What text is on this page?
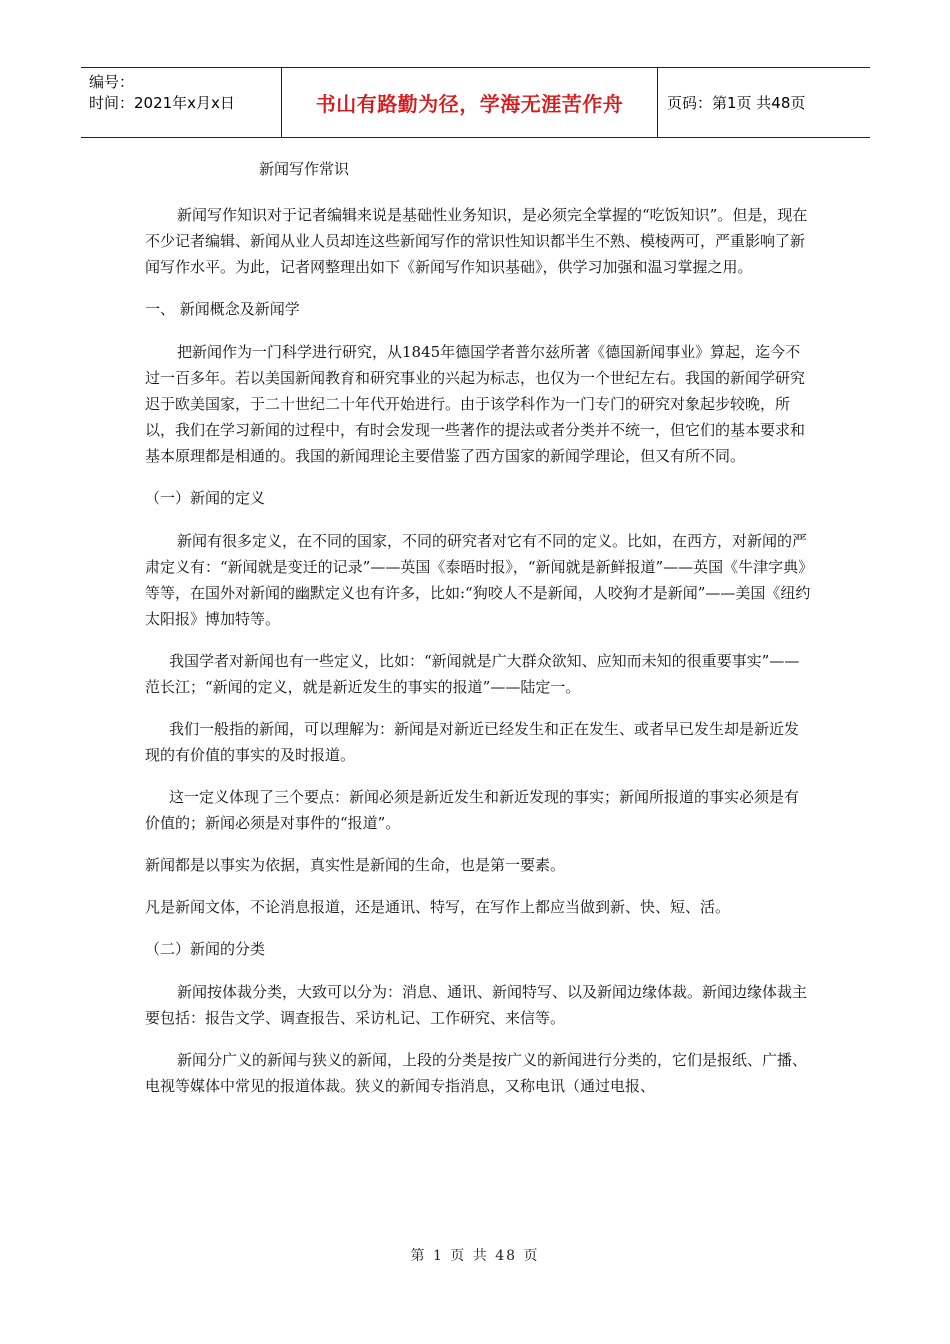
编号：
时间：2021年x月x日	书山有路勤为径，学海无涯苦作舟	页码：第1页 共48页

新闻写作常识

新闻写作知识对于记者编辑来说是基础性业务知识，是必须完全掌握的“吃饭知识”。但是，现在不少记者编辑、新闻从业人员却连这些新闻写作的常识性知识都半生不熟、模棱两可，严重影响了新闻写作水平。为此，记者网整理出如下《新闻写作知识基础》，供学习加强和温习掌握之用。

一、 新闻概念及新闻学

把新闻作为一门科学进行研究，从1845年德国学者普尔兹所著《德国新闻事业》算起，迄今不过一百多年。若以美国新闻教育和研究事业的兴起为标志，也仅为一个世纪左右。我国的新闻学研究迟于欧美国家，于二十世纪二十年代开始进行。由于该学科作为一门专门的研究对象起步较晚，所以，我们在学习新闻的过程中，有时会发现一些著作的提法或者分类并不统一，但它们的基本要求和基本原理都是相通的。我国的新闻理论主要借鉴了西方国家的新闻学理论，但又有所不同。

（一）新闻的定义

新闻有很多定义，在不同的国家，不同的研究者对它有不同的定义。比如，在西方，对新闻的严肃定义有：“新闻就是变迁的记录”——英国《泰晤时报》，“新闻就是新鲜报道”——英国《牛津字典》等等，在国外对新闻的幽默定义也有许多，比如:“狗咬人不是新闻，人咬狗才是新闻”——美国《纽约太阳报》博加特等。

我国学者对新闻也有一些定义，比如：“新闻就是广大群众欲知、应知而未知的很重要事实”——范长江；“新闻的定义，就是新近发生的事实的报道”——陆定一。

我们一般指的新闻，可以理解为：新闻是对新近已经发生和正在发生、或者早已发生却是新近发现的有价值的事实的及时报道。

这一定义体现了三个要点：新闻必须是新近发生和新近发现的事实；新闻所报道的事实必须是有价值的；新闻必须是对事件的“报道”。

新闻都是以事实为依据，真实性是新闻的生命，也是第一要素。

凡是新闻文体，不论消息报道，还是通讯、特写，在写作上都应当做到新、快、短、活。

（二）新闻的分类

新闻按体裁分类，大致可以分为：消息、通讯、新闻特写、以及新闻边缘体裁。新闻边缘体裁主要包括：报告文学、调查报告、采访札记、工作研究、来信等。

新闻分广义的新闻与狭义的新闻，上段的分类是按广义的新闻进行分类的，它们是报纸、广播、电视等媒体中常见的报道体裁。狭义的新闻专指消息，又称电讯（通过电报、

第 1 页 共 48 页
